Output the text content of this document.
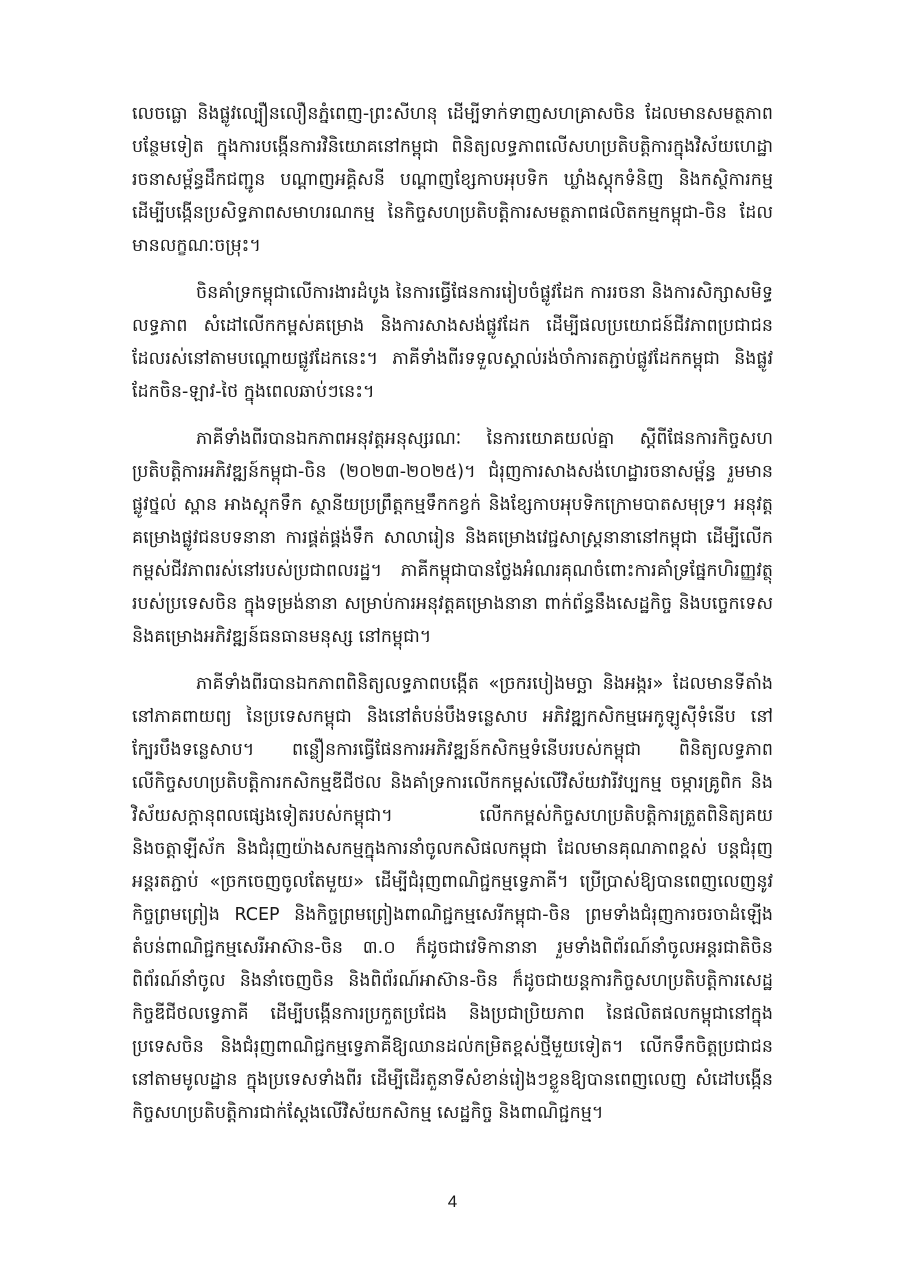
លេចធ្លោ និងផ្លូវល្បឿនលឿនភ្នំពេញ-ព្រះសីហនុ ដើម្បីទាក់ទាញសហគ្រាសចិន ដែលមានសមត្ថភាពបន្ថែមទៀត ក្នុងការបង្កើនការវិនិយោគនៅកម្ពុជា ពិនិត្យលទ្ធភាពលើសហប្រតិបត្តិការក្នុងវិស័យហេដ្ឋារចនាសម្ព័ន្ធដឹកជញ្ជូន បណ្ដាញអគ្គិសនី បណ្ដាញខ្សែកាបអុបទិក ឃ្លាំងស្តុកទំនិញ និងកសិ្ថការកម្ម ដើម្បីបង្កើនប្រសិទ្ធភាពសមាហរណកម្ម នៃកិច្ចសហប្រតិបត្តិការសមត្ថភាពផលិតកម្មកម្ពុជា-ចិន ដែលមានលក្ខណៈចម្រុះ។

ចិនគាំទ្រកម្ពុជាលើការងារដំបូង នៃការធ្វើផែនការរៀបចំផ្លូវដែក ការរចនា និងការសិក្សាសមិទ្ធលទ្ធភាព សំដៅលើកកម្ពស់គម្រោង និងការសាងសង់ផ្លូវដែក ដើម្បីផលប្រយោជន៍ជីវភាពប្រជាជន ដែលរស់នៅតាមបណ្ដោយផ្លូវដែកនេះ។ ភាគីទាំងពីរទទួលស្គាល់រង់ចាំការតភ្ជាប់ផ្លូវដែកកម្ពុជា និងផ្លូវដែកចិន-ឡាវ-ថៃ ក្នុងពេលឆាប់ៗនេះ។

ភាគីទាំងពីរបានឯកភាពអនុវត្តអនុស្សរណៈ នៃការយោគយល់គ្នា ស្តីពីផែនការកិច្ចសហប្រតិបត្តិការអភិវឌ្ឍន៍កម្ពុជា-ចិន (២០២៣-២០២៥)។ ជំរុញការសាងសង់ហេដ្ឋារចនាសម្ព័ន្ធ រួមមាន ផ្លូវថ្នល់ ស្ពាន អាងស្តុកទឹក ស្ថានីយប្រព្រឹត្តកម្មទឹកកខ្វក់ និងខ្សែកាបអុបទិកក្រោមបាតសមុទ្រ។ អនុវត្តគម្រោងផ្លូវជនបទនានា ការផ្គត់ផ្គង់ទឹក សាលារៀន និងគម្រោងវេជ្ជសាស្ត្រនានានៅកម្ពុជា ដើម្បីលើកកម្ពស់ជីវភាពរស់នៅរបស់ប្រជាពលរដ្ឋ។ ភាគីកម្ពុជាបានថ្លែងអំណរគុណចំពោះការគាំទ្រផ្នែកហិរញ្ញវត្ថុរបស់ប្រទេសចិន ក្នុងទម្រង់នានា សម្រាប់ការអនុវត្តគម្រោងនានា ពាក់ព័ន្ធនឹងសេដ្ឋកិច្ច និងបច្ចេកទេស និងគម្រោងអភិវឌ្ឍន៍ធនធានមនុស្ស នៅកម្ពុជា។

ភាគីទាំងពីរបានឯកភាពពិនិត្យលទ្ធភាពបង្កើត «ច្រករបៀងមច្ឆា និងអង្ករ» ដែលមានទីតាំងនៅភាគពាយព្យ នៃប្រទេសកម្ពុជា និងនៅតំបន់បឹងទន្លេសាប អភិវឌ្ឍកសិកម្មអេកូឡូស៊ីទំនើប នៅក្បែរបឹងទន្លេសាប។ ពន្លឿនការធ្វើផែនការអភិវឌ្ឍន៍កសិកម្មទំនើបរបស់កម្ពុជា ពិនិត្យលទ្ធភាពលើកិច្ចសហប្រតិបត្តិការកសិកម្មឌីជីថល និងគាំទ្រការលើកកម្ពស់លើវិស័យវារីវប្បកម្ម ចម្ការគ្រូពិក និងវិស័យសក្តានុពលផ្សេងទៀតរបស់កម្ពុជា។ លើកកម្ពស់កិច្ចសហប្រតិបត្តិការត្រួតពិនិត្យគយ និងចត្តាឡីស័ក និងជំរុញយ៉ាងសកម្មក្នុងការនាំចូលកសិផលកម្ពុជា ដែលមានគុណភាពខ្ពស់ បន្តជំរុញអន្តរតភ្ជាប់ «ច្រកចេញចូលតែមួយ» ដើម្បីជំរុញពាណិជ្ជកម្មទ្វេភាគី។ ប្រើប្រាស់ឱ្យបានពេញលេញនូវកិច្ចព្រមព្រៀង RCEP និងកិច្ចព្រមព្រៀងពាណិជ្ជកម្មសេរីកម្ពុជា-ចិន ព្រមទាំងជំរុញការចរចាដំឡើងតំបន់ពាណិជ្ជកម្មសេរីអាស៊ាន-ចិន ៣.០ ក៏ដូចជាវេទិកានានា រួមទាំងពិព័រណ៍នាំចូលអន្តរជាតិចិន ពិព័រណ៍នាំចូល និងនាំចេញចិន និងពិព័រណ៍អាស៊ាន-ចិន ក៏ដូចជាយន្តការកិច្ចសហប្រតិបត្តិការសេដ្ឋកិច្ចឌីជីថលទ្វេភាគី ដើម្បីបង្កើនការប្រកួតប្រជែង និងប្រជាប្រិយភាព នៃផលិតផលកម្ពុជានៅក្នុងប្រទេសចិន និងជំរុញពាណិជ្ជកម្មទ្វេភាគីឱ្យឈានដល់កម្រិតខ្ពស់ថ្មីមួយទៀត។ លើកទឹកចិត្តប្រជាជននៅតាមមូលដ្ឋាន ក្នុងប្រទេសទាំងពីរ ដើម្បីដើរតួនាទីសំខាន់រៀងៗខ្លួនឱ្យបានពេញលេញ សំដៅបង្កើនកិច្ចសហប្រតិបត្តិការជាក់ស្តែងលើវិស័យកសិកម្ម សេដ្ឋកិច្ច និងពាណិជ្ជកម្ម។

4
